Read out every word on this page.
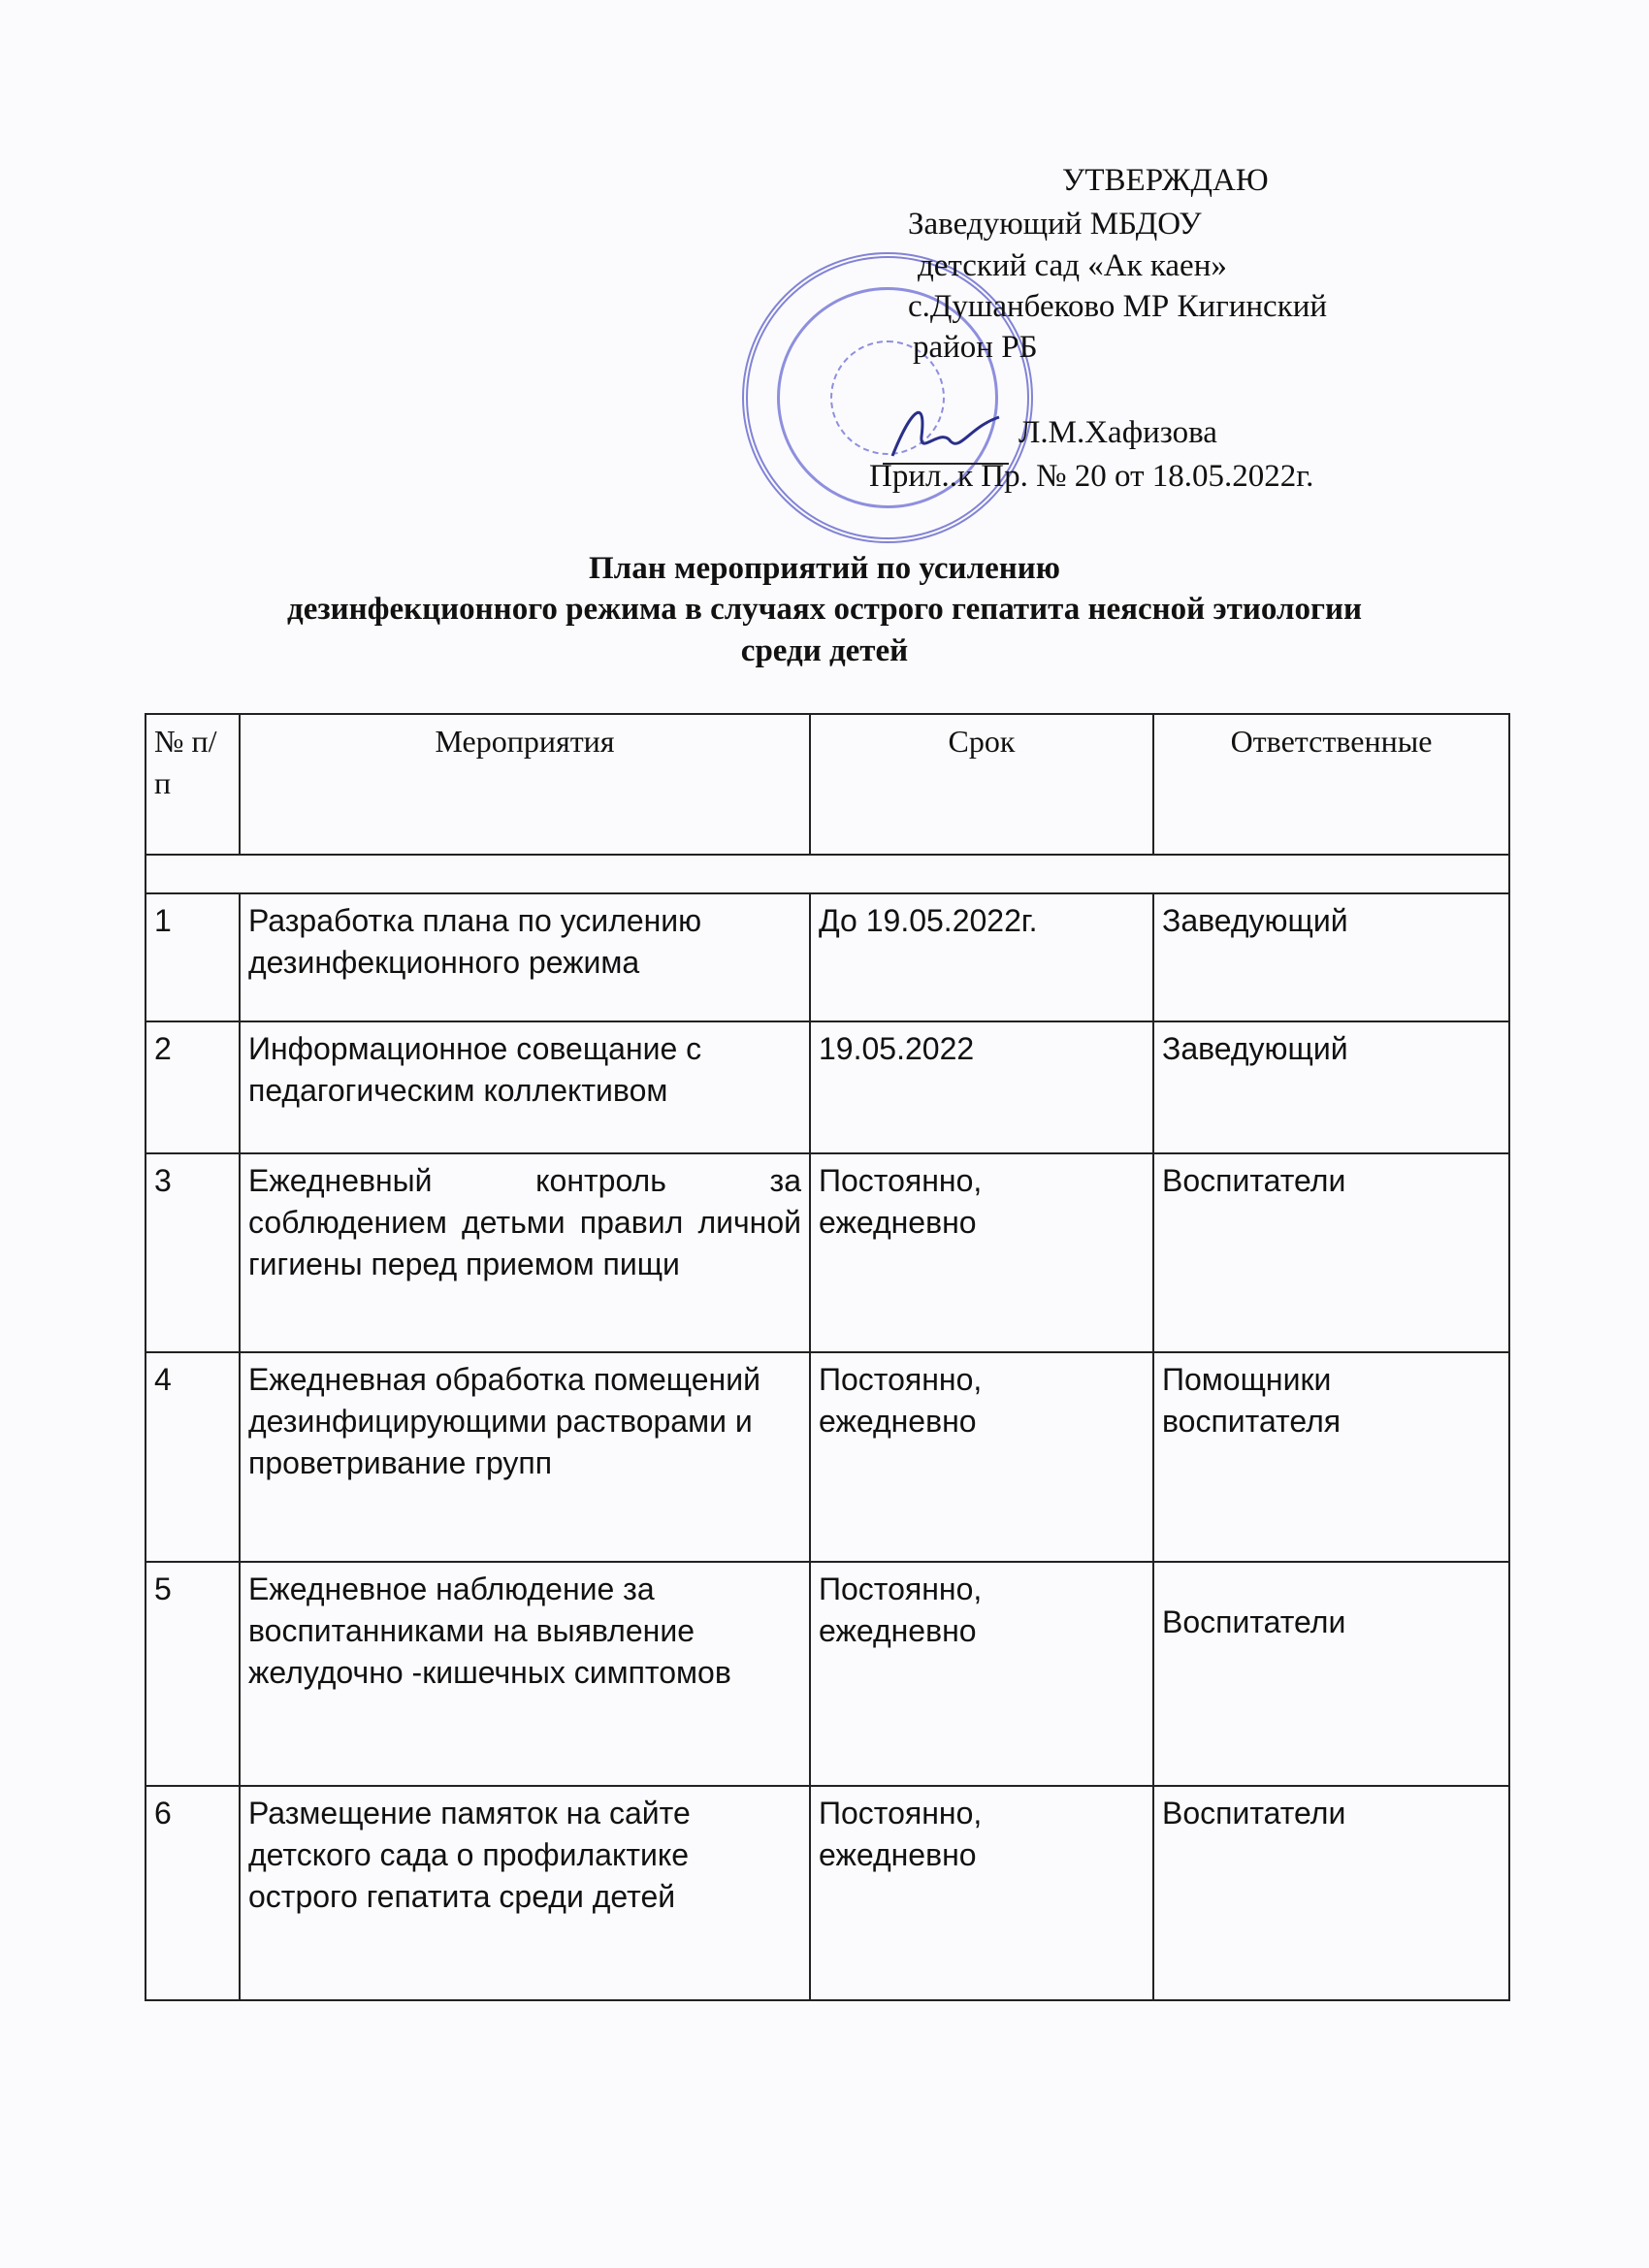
УТВЕРЖДАЮ
Заведующий МБДОУ
детский сад «Ак каен»
с.Душанбеково МР Кигинский
район РБ
Л.М.Хафизова
Прил..к Пр. № 20 от 18.05.2022г.
План мероприятий по усилению
дезинфекционного режима в случаях острого гепатита неясной этиологии
среди детей
№ п/п	Мероприятия	Срок	Ответственные

1	Разработка плана по усилению дезинфекционного режима	До 19.05.2022г.	Заведующий
2	Информационное совещание с педагогическим коллективом	19.05.2022	Заведующий
3	Ежедневный контроль за соблюдением детьми правил личной гигиены перед приемом пищи	Постоянно, ежедневно	Воспитатели
4	Ежедневная обработка помещений дезинфицирующими растворами и проветривание групп	Постоянно, ежедневно	Помощники воспитателя
5	Ежедневное наблюдение за воспитанниками на выявление желудочно -кишечных симптомов	Постоянно, ежедневно	Воспитатели
6	Размещение памяток на сайте детского сада о профилактике острого гепатита среди детей	Постоянно, ежедневно	Воспитатели
